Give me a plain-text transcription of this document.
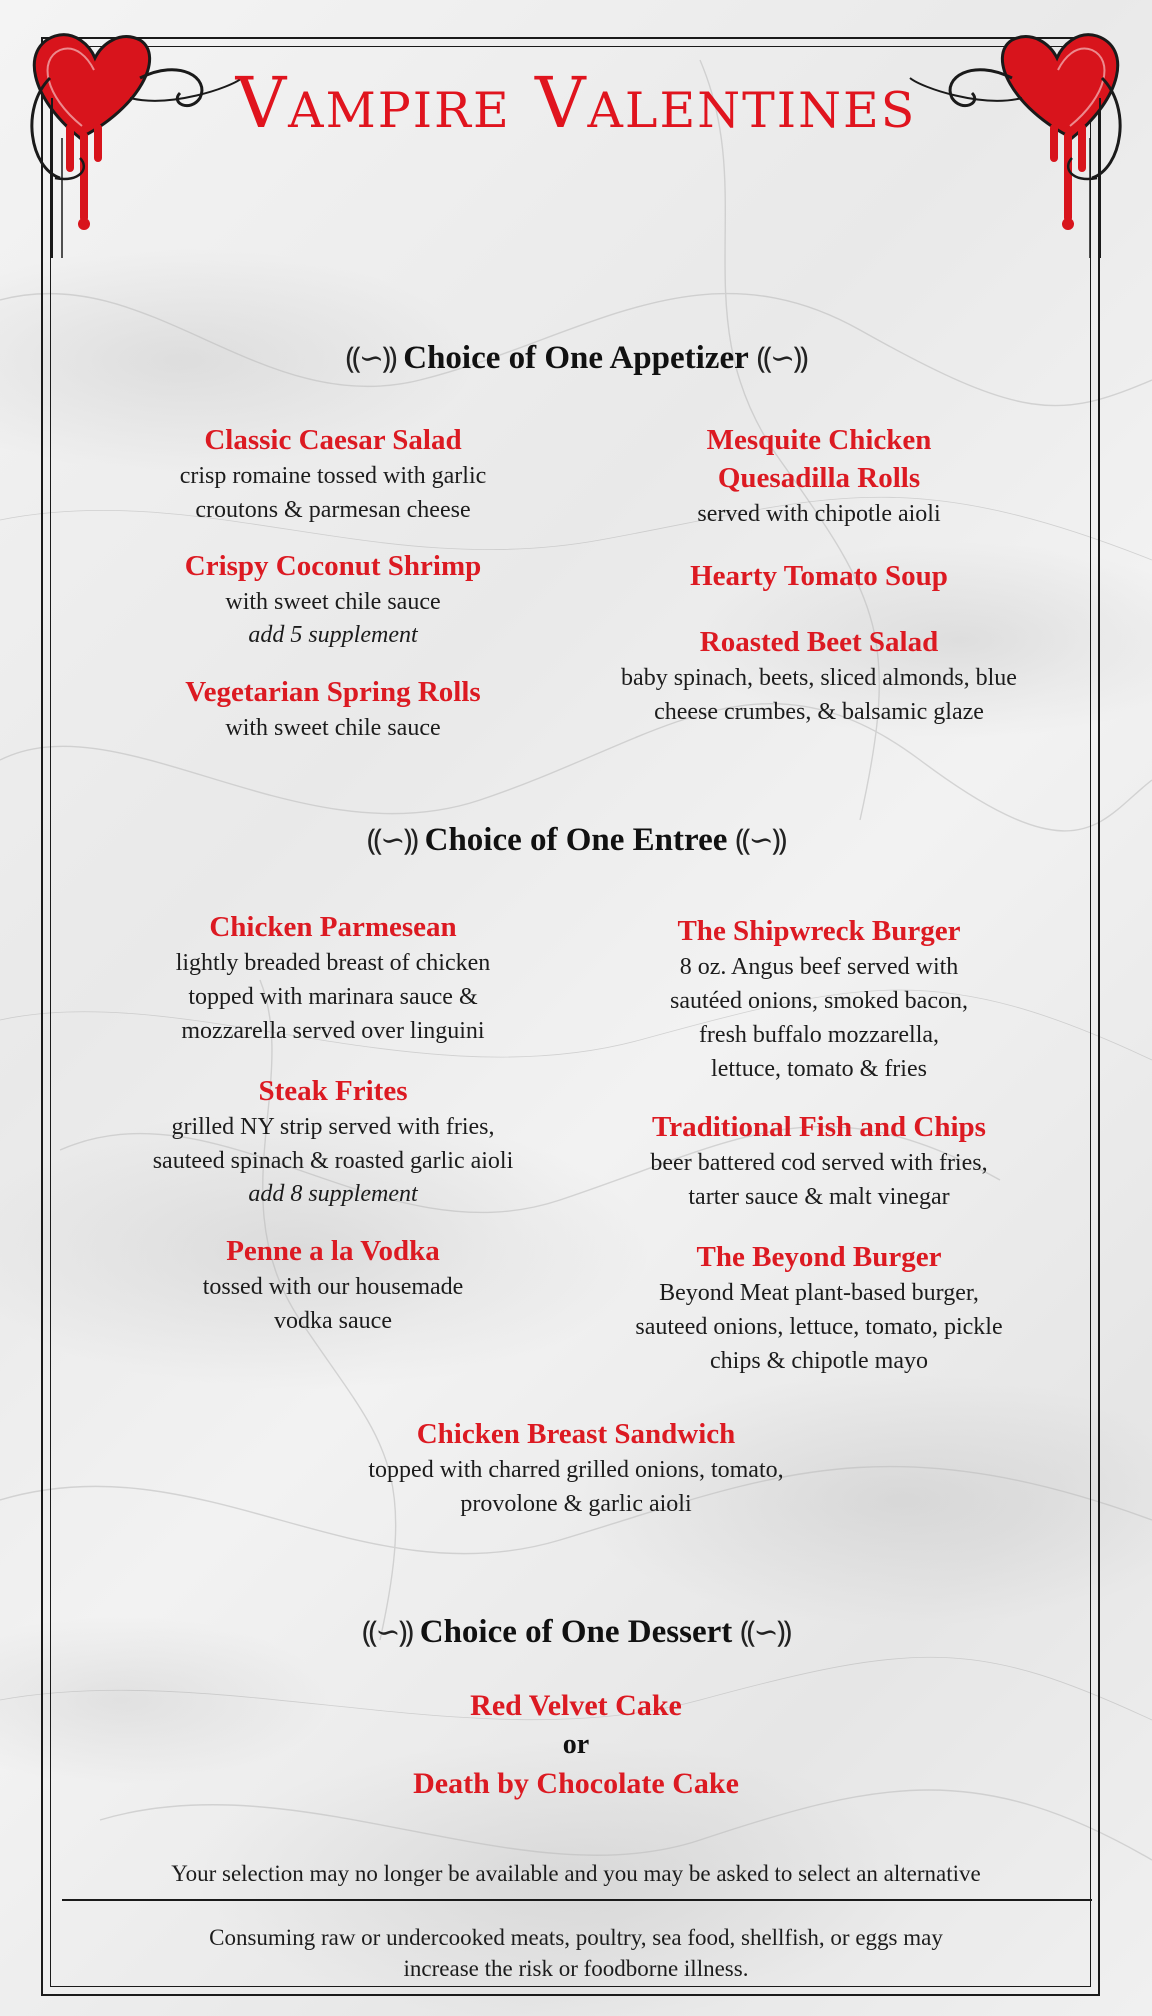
Vampire Valentines
⸨∽⸩ Choice of One Appetizer ⸨∽⸩
Classic Caesar Salad
crisp romaine tossed with garlic
croutons & parmesan cheese
Crispy Coconut Shrimp
with sweet chile sauce
add 5 supplement
Vegetarian Spring Rolls
with sweet chile sauce
Mesquite Chicken
Quesadilla Rolls
served with chipotle aioli
Hearty Tomato Soup
Roasted Beet Salad
baby spinach, beets, sliced almonds, blue
cheese crumbes, & balsamic glaze
⸨∽⸩ Choice of One Entree ⸨∽⸩
Chicken Parmesean
lightly breaded breast of chicken
topped with marinara sauce &
mozzarella served over linguini
Steak Frites
grilled NY strip served with fries,
sauteed spinach & roasted garlic aioli
add 8 supplement
Penne a la Vodka
tossed with our housemade
vodka sauce
The Shipwreck Burger
8 oz. Angus beef served with
sautéed onions, smoked bacon,
fresh buffalo mozzarella,
lettuce, tomato & fries
Traditional Fish and Chips
beer battered cod served with fries,
tarter sauce & malt vinegar
The Beyond Burger
Beyond Meat plant-based burger,
sauteed onions, lettuce, tomato, pickle
chips & chipotle mayo
Chicken Breast Sandwich
topped with charred grilled onions, tomato,
provolone & garlic aioli
⸨∽⸩ Choice of One Dessert ⸨∽⸩
Red Velvet Cake
or
Death by Chocolate Cake
Your selection may no longer be available and you may be asked to select an alternative
Consuming raw or undercooked meats, poultry, sea food, shellfish, or eggs may
increase the risk or foodborne illness.
